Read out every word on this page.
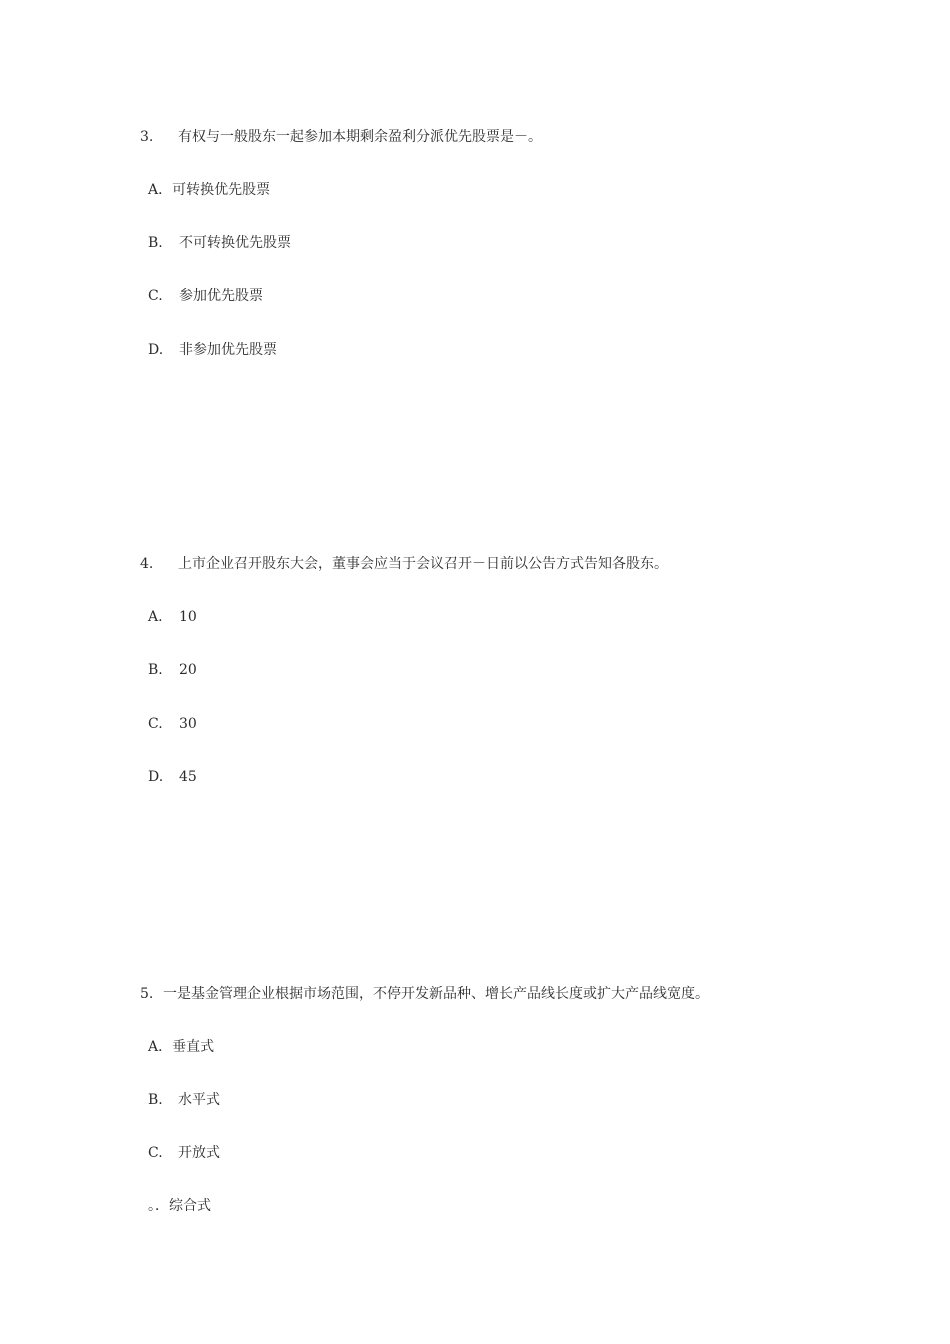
3. 有权与一般股东一起参加本期剩余盈利分派优先股票是－。
A．可转换优先股票
B. 不可转换优先股票
C. 参加优先股票
D. 非参加优先股票
4. 上市企业召开股东大会，董事会应当于会议召开－日前以公告方式告知各股东。
A. 10
B. 20
C. 30
D. 45
5. 一是基金管理企业根据市场范围，不停开发新品种、增长产品线长度或扩大产品线宽度。
A．垂直式
B. 水平式
C. 开放式
。．综合式
